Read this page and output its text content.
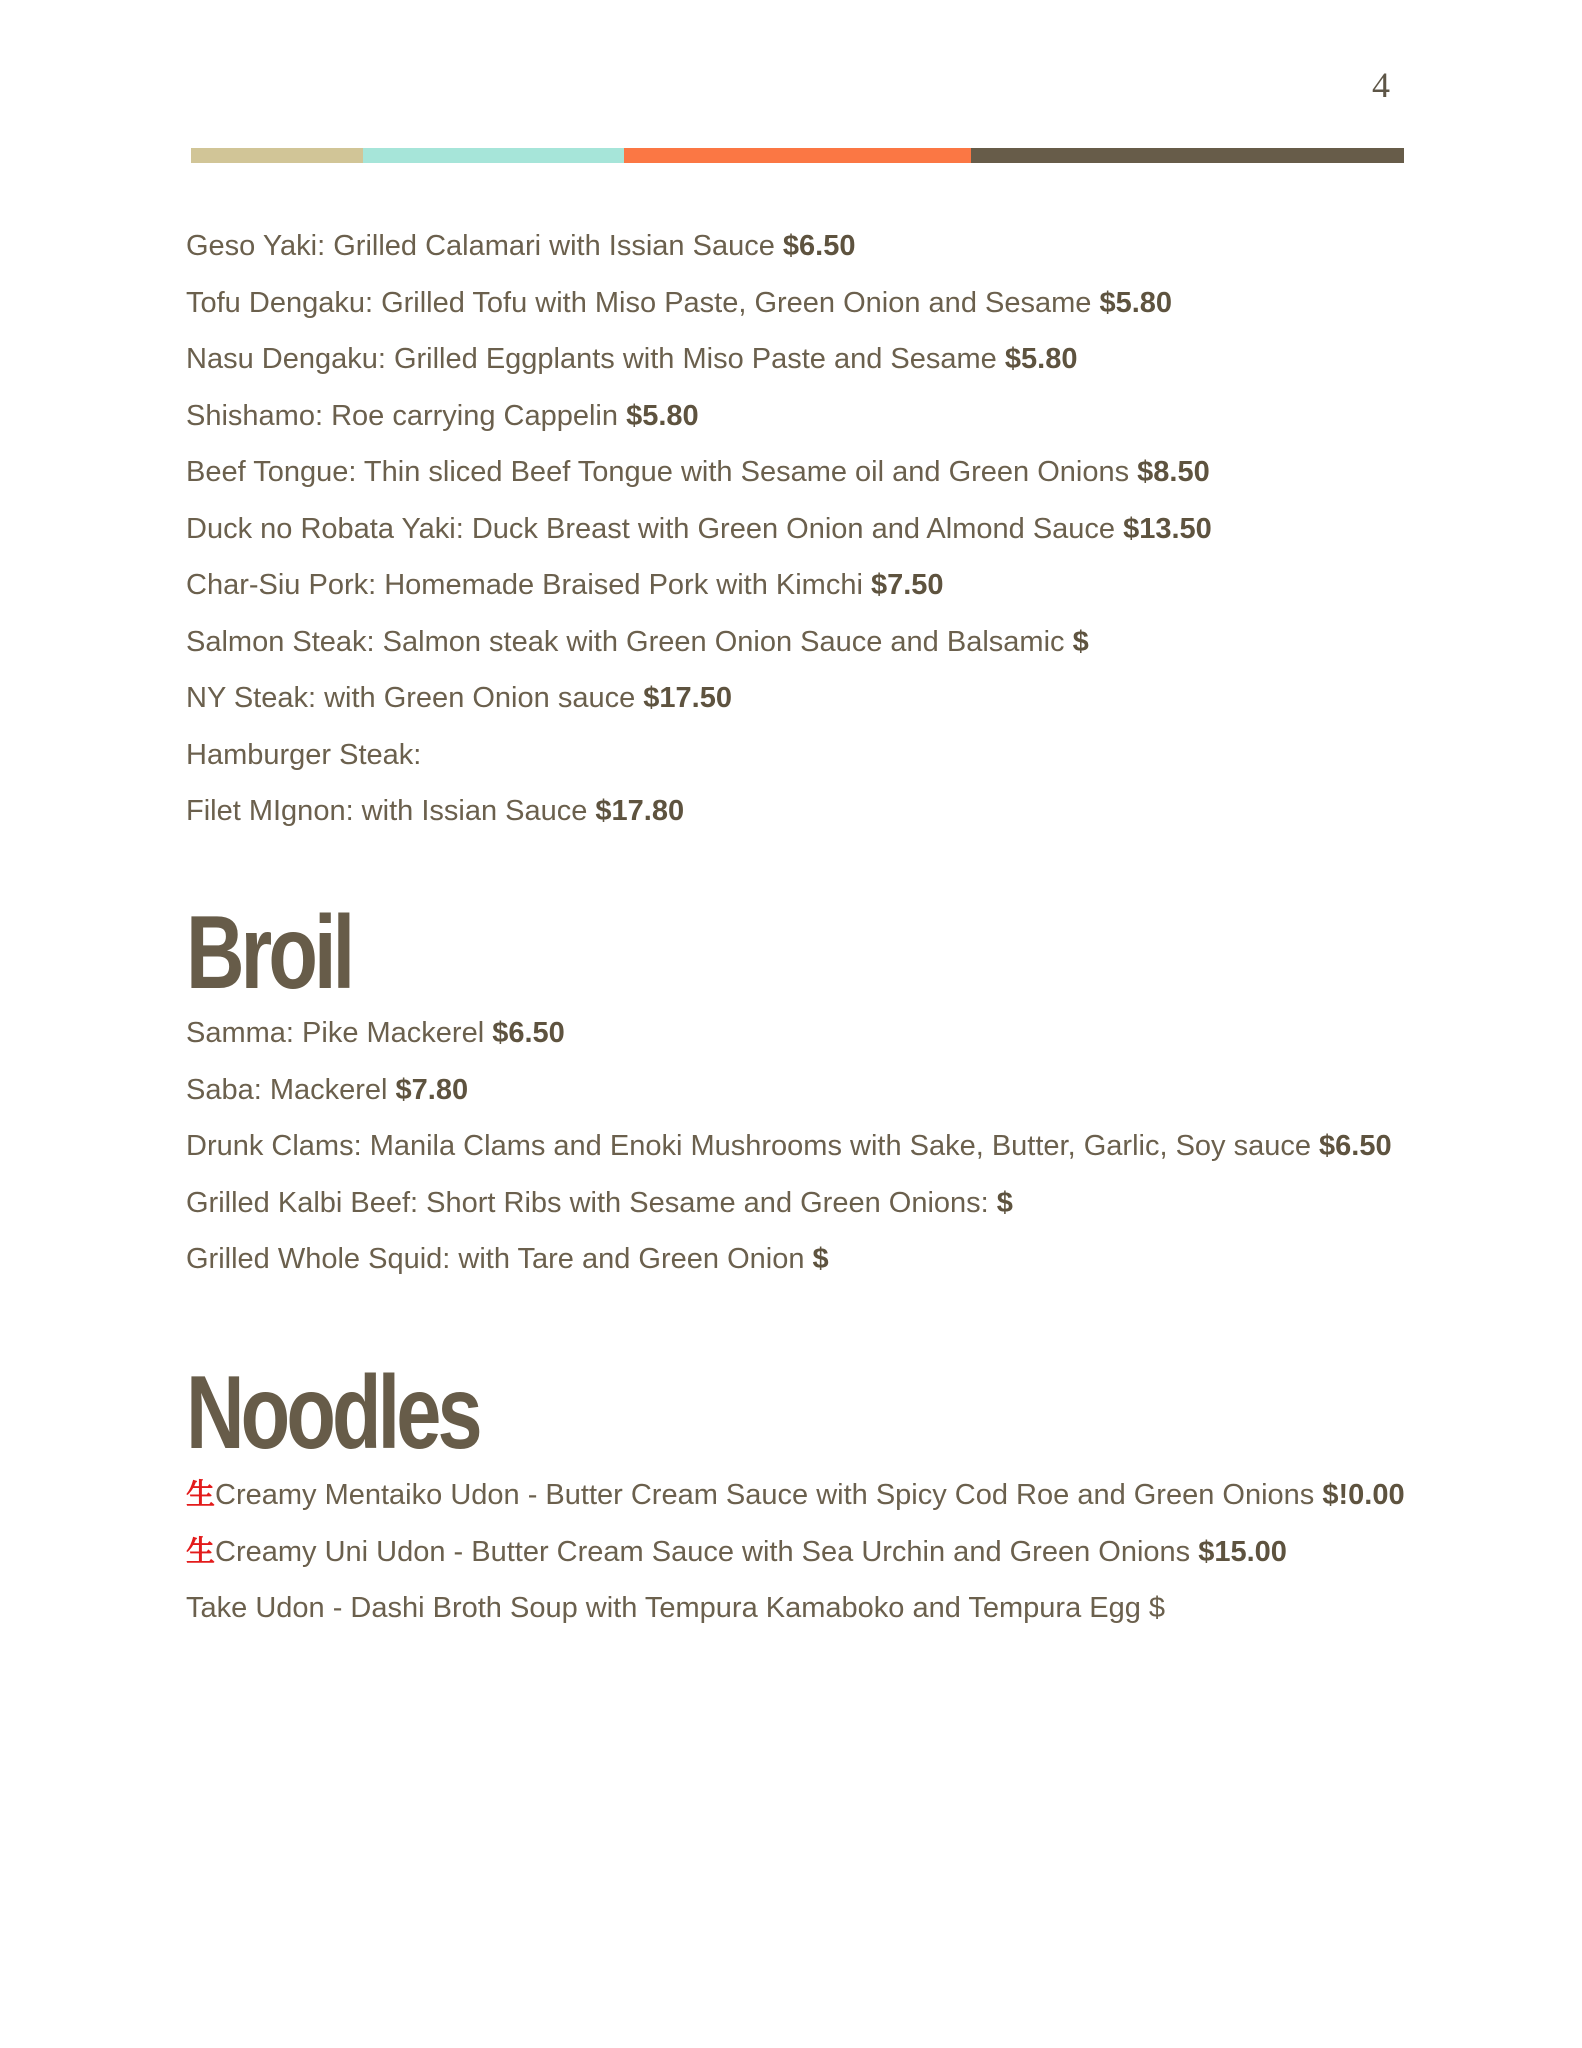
4

Geso Yaki: Grilled Calamari with Issian Sauce $6.50

Tofu Dengaku: Grilled Tofu with Miso Paste, Green Onion and Sesame $5.80

Nasu Dengaku: Grilled Eggplants with Miso Paste and Sesame $5.80

Shishamo: Roe carrying Cappelin $5.80

Beef Tongue: Thin sliced Beef Tongue with Sesame oil and Green Onions $8.50

Duck no Robata Yaki: Duck Breast with Green Onion and Almond Sauce $13.50

Char-Siu Pork: Homemade Braised Pork with Kimchi $7.50

Salmon Steak: Salmon steak with Green Onion Sauce and Balsamic $

NY Steak: with Green Onion sauce $17.50

Hamburger Steak:

Filet MIgnon: with Issian Sauce $17.80

Broil

Samma: Pike Mackerel $6.50

Saba: Mackerel $7.80

Drunk Clams: Manila Clams and Enoki Mushrooms with Sake, Butter, Garlic, Soy sauce $6.50

Grilled Kalbi Beef: Short Ribs with Sesame and Green Onions: $

Grilled Whole Squid: with Tare and Green Onion $

Noodles

生Creamy Mentaiko Udon - Butter Cream Sauce with Spicy Cod Roe and Green Onions $!0.00

生Creamy Uni Udon - Butter Cream Sauce with Sea Urchin and Green Onions $15.00

Take Udon - Dashi Broth Soup with Tempura Kamaboko and Tempura Egg $
